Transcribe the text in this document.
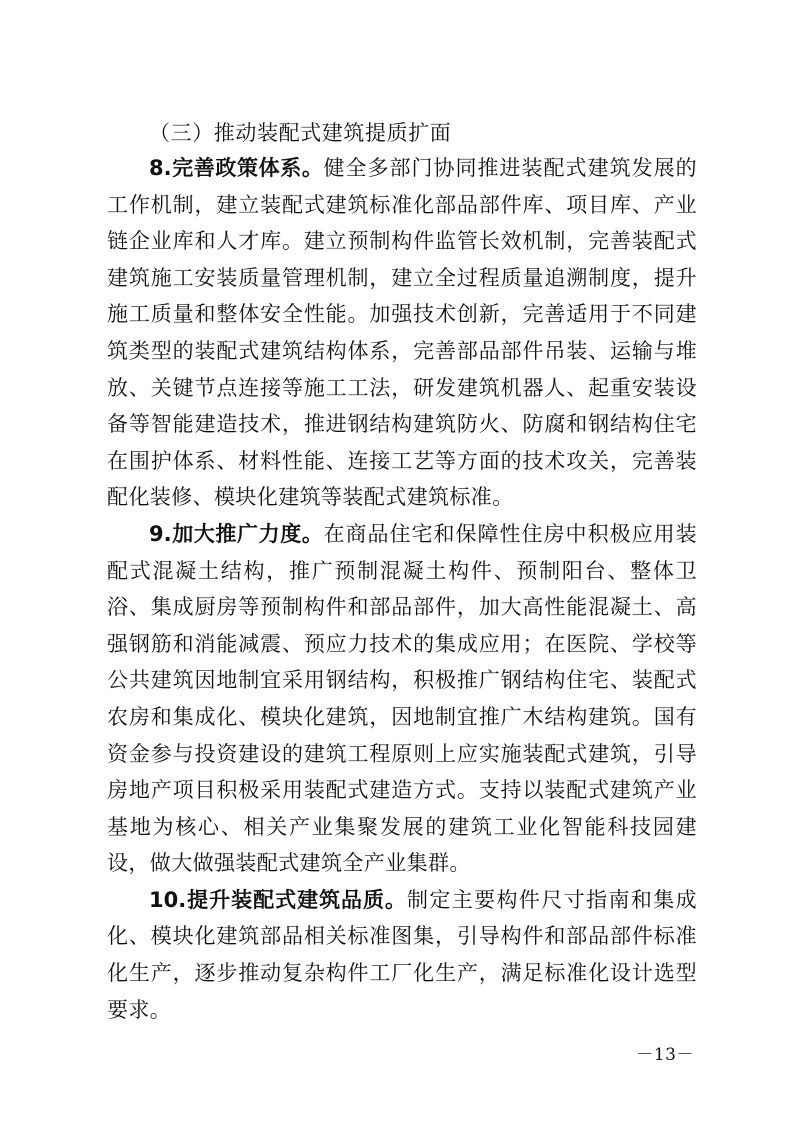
（三）推动装配式建筑提质扩面

8.完善政策体系。健全多部门协同推进装配式建筑发展的工作机制，建立装配式建筑标准化部品部件库、项目库、产业链企业库和人才库。建立预制构件监管长效机制，完善装配式建筑施工安装质量管理机制，建立全过程质量追溯制度，提升施工质量和整体安全性能。加强技术创新，完善适用于不同建筑类型的装配式建筑结构体系，完善部品部件吊装、运输与堆放、关键节点连接等施工工法，研发建筑机器人、起重安装设备等智能建造技术，推进钢结构建筑防火、防腐和钢结构住宅在围护体系、材料性能、连接工艺等方面的技术攻关，完善装配化装修、模块化建筑等装配式建筑标准。

9.加大推广力度。在商品住宅和保障性住房中积极应用装配式混凝土结构，推广预制混凝土构件、预制阳台、整体卫浴、集成厨房等预制构件和部品部件，加大高性能混凝土、高强钢筋和消能减震、预应力技术的集成应用；在医院、学校等公共建筑因地制宜采用钢结构，积极推广钢结构住宅、装配式农房和集成化、模块化建筑，因地制宜推广木结构建筑。国有资金参与投资建设的建筑工程原则上应实施装配式建筑，引导房地产项目积极采用装配式建造方式。支持以装配式建筑产业基地为核心、相关产业集聚发展的建筑工业化智能科技园建设，做大做强装配式建筑全产业集群。

10.提升装配式建筑品质。制定主要构件尺寸指南和集成化、模块化建筑部品相关标准图集，引导构件和部品部件标准化生产，逐步推动复杂构件工厂化生产，满足标准化设计选型要求。

－13－
